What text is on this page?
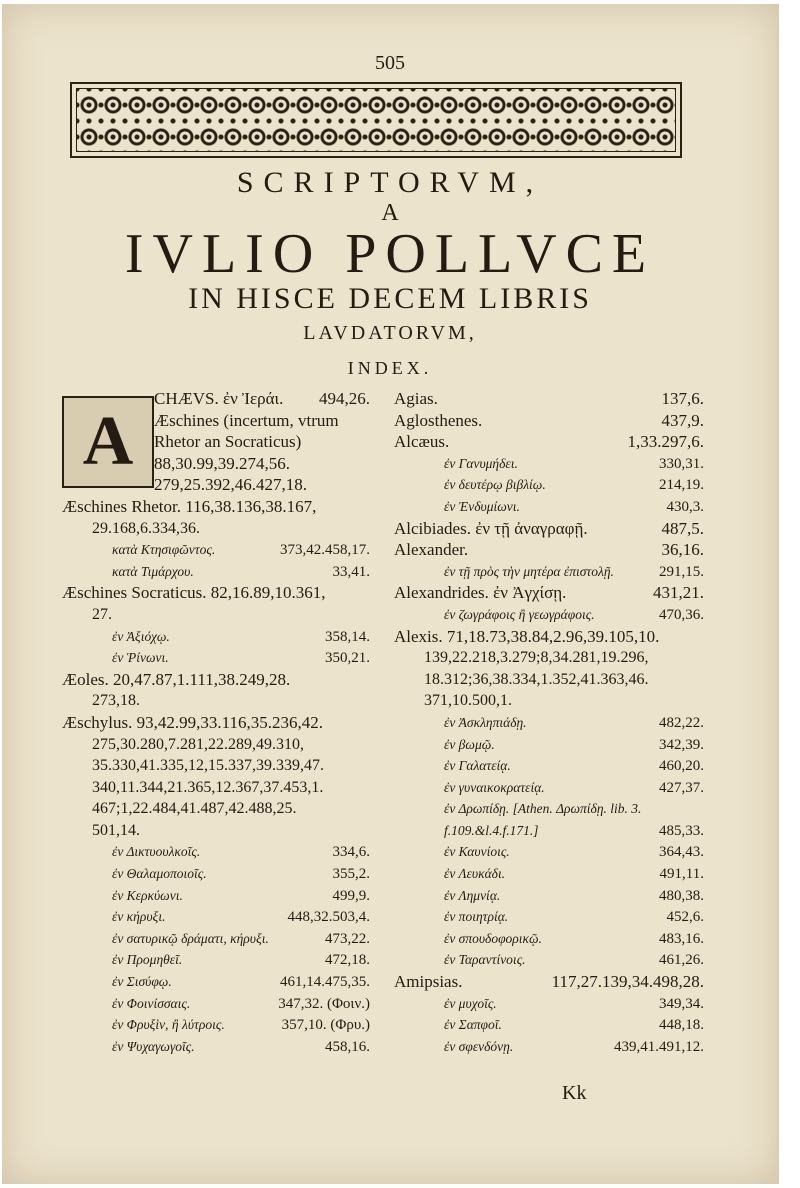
505
SCRIPTORVM,
A
IVLIO POLLVCE
IN HISCE DECEM LIBRIS
LAVDATORVM,
INDEX.
A
CHÆVS. ἐν Ἰεράι. 494,26.
Æschines (incertum, vtrum
Rhetor an Socraticus)
88,30.99,39.274,56.
279,25.392,46.427,18.
Æschines Rhetor. 116,38.136,38.167,
29.168,6.334,36.
κατὰ Κτησιφῶντος.	373,42.458,17.
κατὰ Τιμάρχου.	33,41.
Æschines Socraticus. 82,16.89,10.361,
27.
ἐν Ἀξιόχῳ.	358,14.
ἐν Ῥίνωνι.	350,21.
Æoles. 20,47.87,1.111,38.249,28.
273,18.
Æschylus. 93,42.99,33.116,35.236,42.
275,30.280,7.281,22.289,49.310,
35.330,41.335,12,15.337,39.339,47.
340,11.344,21.365,12.367,37.453,1.
467;1,22.484,41.487,42.488,25.
501,14.
ἐν Δικτυουλκοῖς.	334,6.
ἐν Θαλαμοποιοῖς.	355,2.
ἐν Κερκύωνι.	499,9.
ἐν κήρυξι.	448,32.503,4.
ἐν σατυρικῷ δράματι, κήρυξι.	473,22.
ἐν Προμηθεῖ.	472,18.
ἐν Σισύφῳ.	461,14.475,35.
ἐν Φοινίσσαις.	347,32. (Φοιν.)
ἐν Φρυξὶν, ἢ λύτροις.	357,10. (Φρυ.)
ἐν Ψυχαγωγοῖς.	458,16.
Agias.	137,6.
Aglosthenes.	437,9.
Alcæus.	1,33.297,6.
ἐν Γανυμήδει.	330,31.
ἐν δευτέρῳ βιβλίῳ.	214,19.
ἐν Ἐνδυμίωνι.	430,3.
Alcibiades. ἐν τῇ ἀναγραφῇ.	487,5.
Alexander.	36,16.
ἐν τῇ πρὸς τὴν μητέρα ἐπιστολῇ.	291,15.
Alexandrides. ἐν Ἀγχίσῃ.	431,21.
ἐν ζωγράφοις ἢ γεωγράφοις.	470,36.
Alexis. 71,18.73,38.84,2.96,39.105,10.
139,22.218,3.279;8,34.281,19.296,
18.312;36,38.334,1.352,41.363,46.
371,10.500,1.
ἐν Ἀσκληπιάδῃ.	482,22.
ἐν βωμῷ.	342,39.
ἐν Γαλατείᾳ.	460,20.
ἐν γυναικοκρατείᾳ.	427,37.
ἐν Δρωπίδῃ. [Athen. Δρωπίδῃ. lib. 3.
f.109.&l.4.f.171.]	485,33.
ἐν Καυνίοις.	364,43.
ἐν Λευκάδι.	491,11.
ἐν Λημνίᾳ.	480,38.
ἐν ποιητρίᾳ.	452,6.
ἐν σπουδοφορικῷ.	483,16.
ἐν Ταραντίνοις.	461,26.
Amipsias.	117,27.139,34.498,28.
ἐν μυχοῖς.	349,34.
ἐν Σαπφοῖ.	448,18.
ἐν σφενδόνῃ.	439,41.491,12.
Kk
